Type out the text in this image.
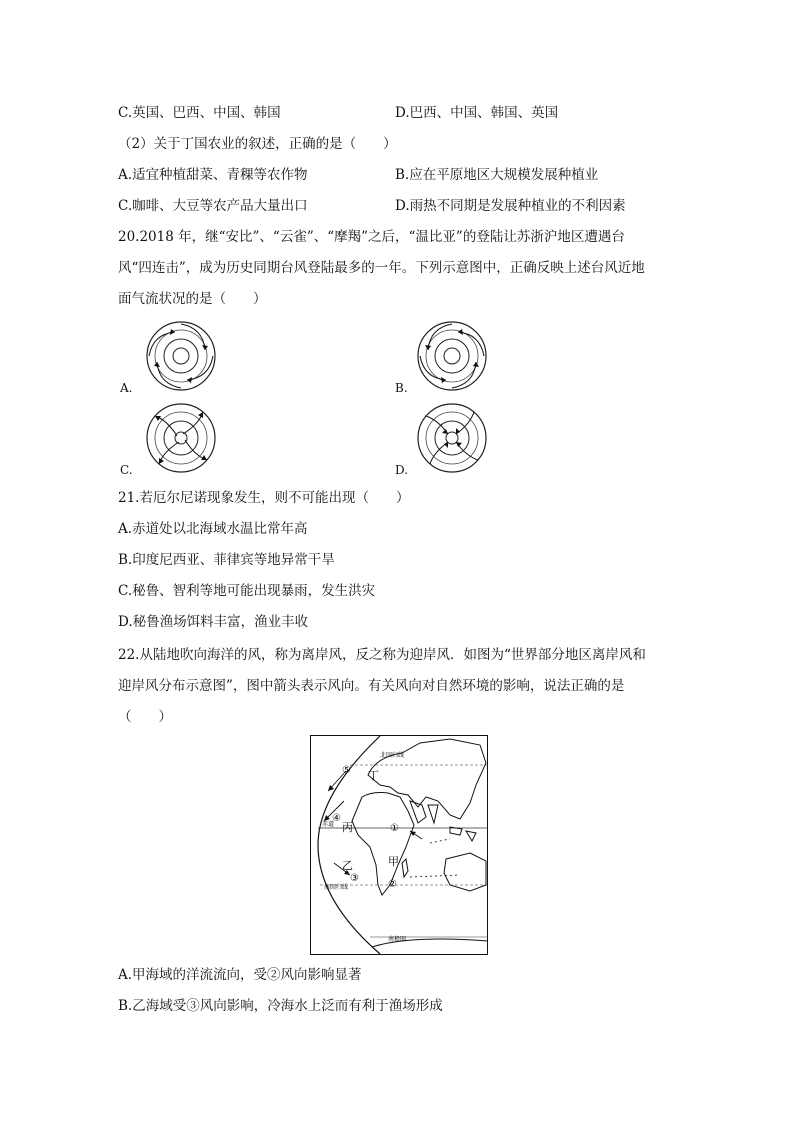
C.英国、巴西、中国、韩国	D.巴西、中国、韩国、英国
（2）关于丁国农业的叙述，正确的是（　　）
A.适宜种植甜菜、青稞等农作物	B.应在平原地区大规模发展种植业
C.咖啡、大豆等农产品大量出口	D.雨热不同期是发展种植业的不利因素
20.2018 年，继“安比”、“云雀”、“摩羯”之后，“温比亚”的登陆让苏浙沪地区遭遇台
风“四连击”，成为历史同期台风登陆最多的一年。下列示意图中，正确反映上述台风近地
面气流状况的是（　　）
A.	B.
C.	D.
21.若厄尔尼诺现象发生，则不可能出现（　　）
A.赤道处以北海域水温比常年高
B.印度尼西亚、菲律宾等地异常干旱
C.秘鲁、智利等地可能出现暴雨，发生洪灾
D.秘鲁渔场饵料丰富，渔业丰收
22.从陆地吹向海洋的风，称为离岸风，反之称为迎岸风．如图为“世界部分地区离岸风和
迎岸风分布示意图”，图中箭头表示风向。有关风向对自然环境的影响，说法正确的是
（　　）
⑤ 丁
北回归线
④
丙	①
赤道
乙
③
甲
②
南回归线
南极圈
A.甲海域的洋流流向，受②风向影响显著
B.乙海域受③风向影响，冷海水上泛而有利于渔场形成
